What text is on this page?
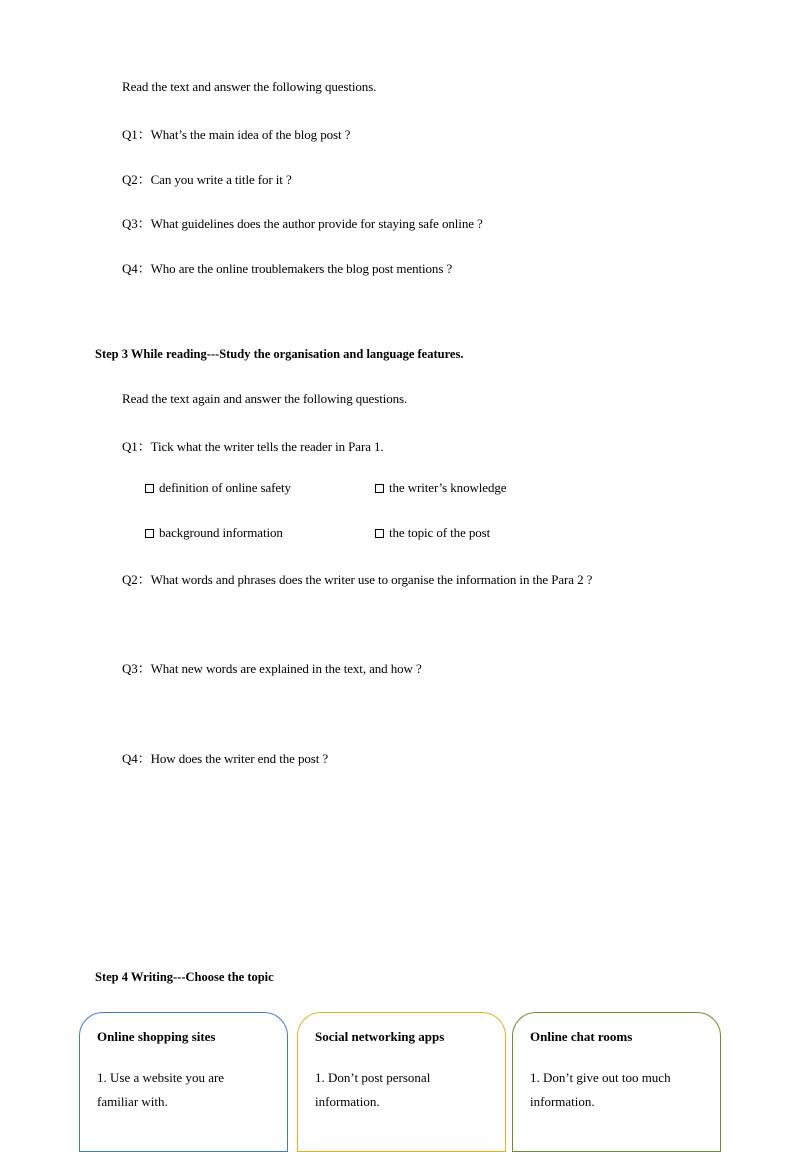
Read the text and answer the following questions.
Q1：What’s the main idea of the blog post ?
Q2：Can you write a title for it ?
Q3：What guidelines does the author provide for staying safe online ?
Q4：Who are the online troublemakers the blog post mentions ?
Step 3 While reading---Study the organisation and language features.
Read the text again and answer the following questions.
Q1：Tick what the writer tells the reader in Para 1.
definition of online safety	the writer’s knowledge
background information	the topic of the post
Q2：What words and phrases does the writer use to organise the information in the Para 2 ?
Q3：What new words are explained in the text, and how ?
Q4：How does the writer end the post ?
Step 4 Writing---Choose the topic
Online shopping sites
1. Use a website you are familiar with.
Social networking apps
1. Don’t post personal information.
Online chat rooms
1. Don’t give out too much information.
